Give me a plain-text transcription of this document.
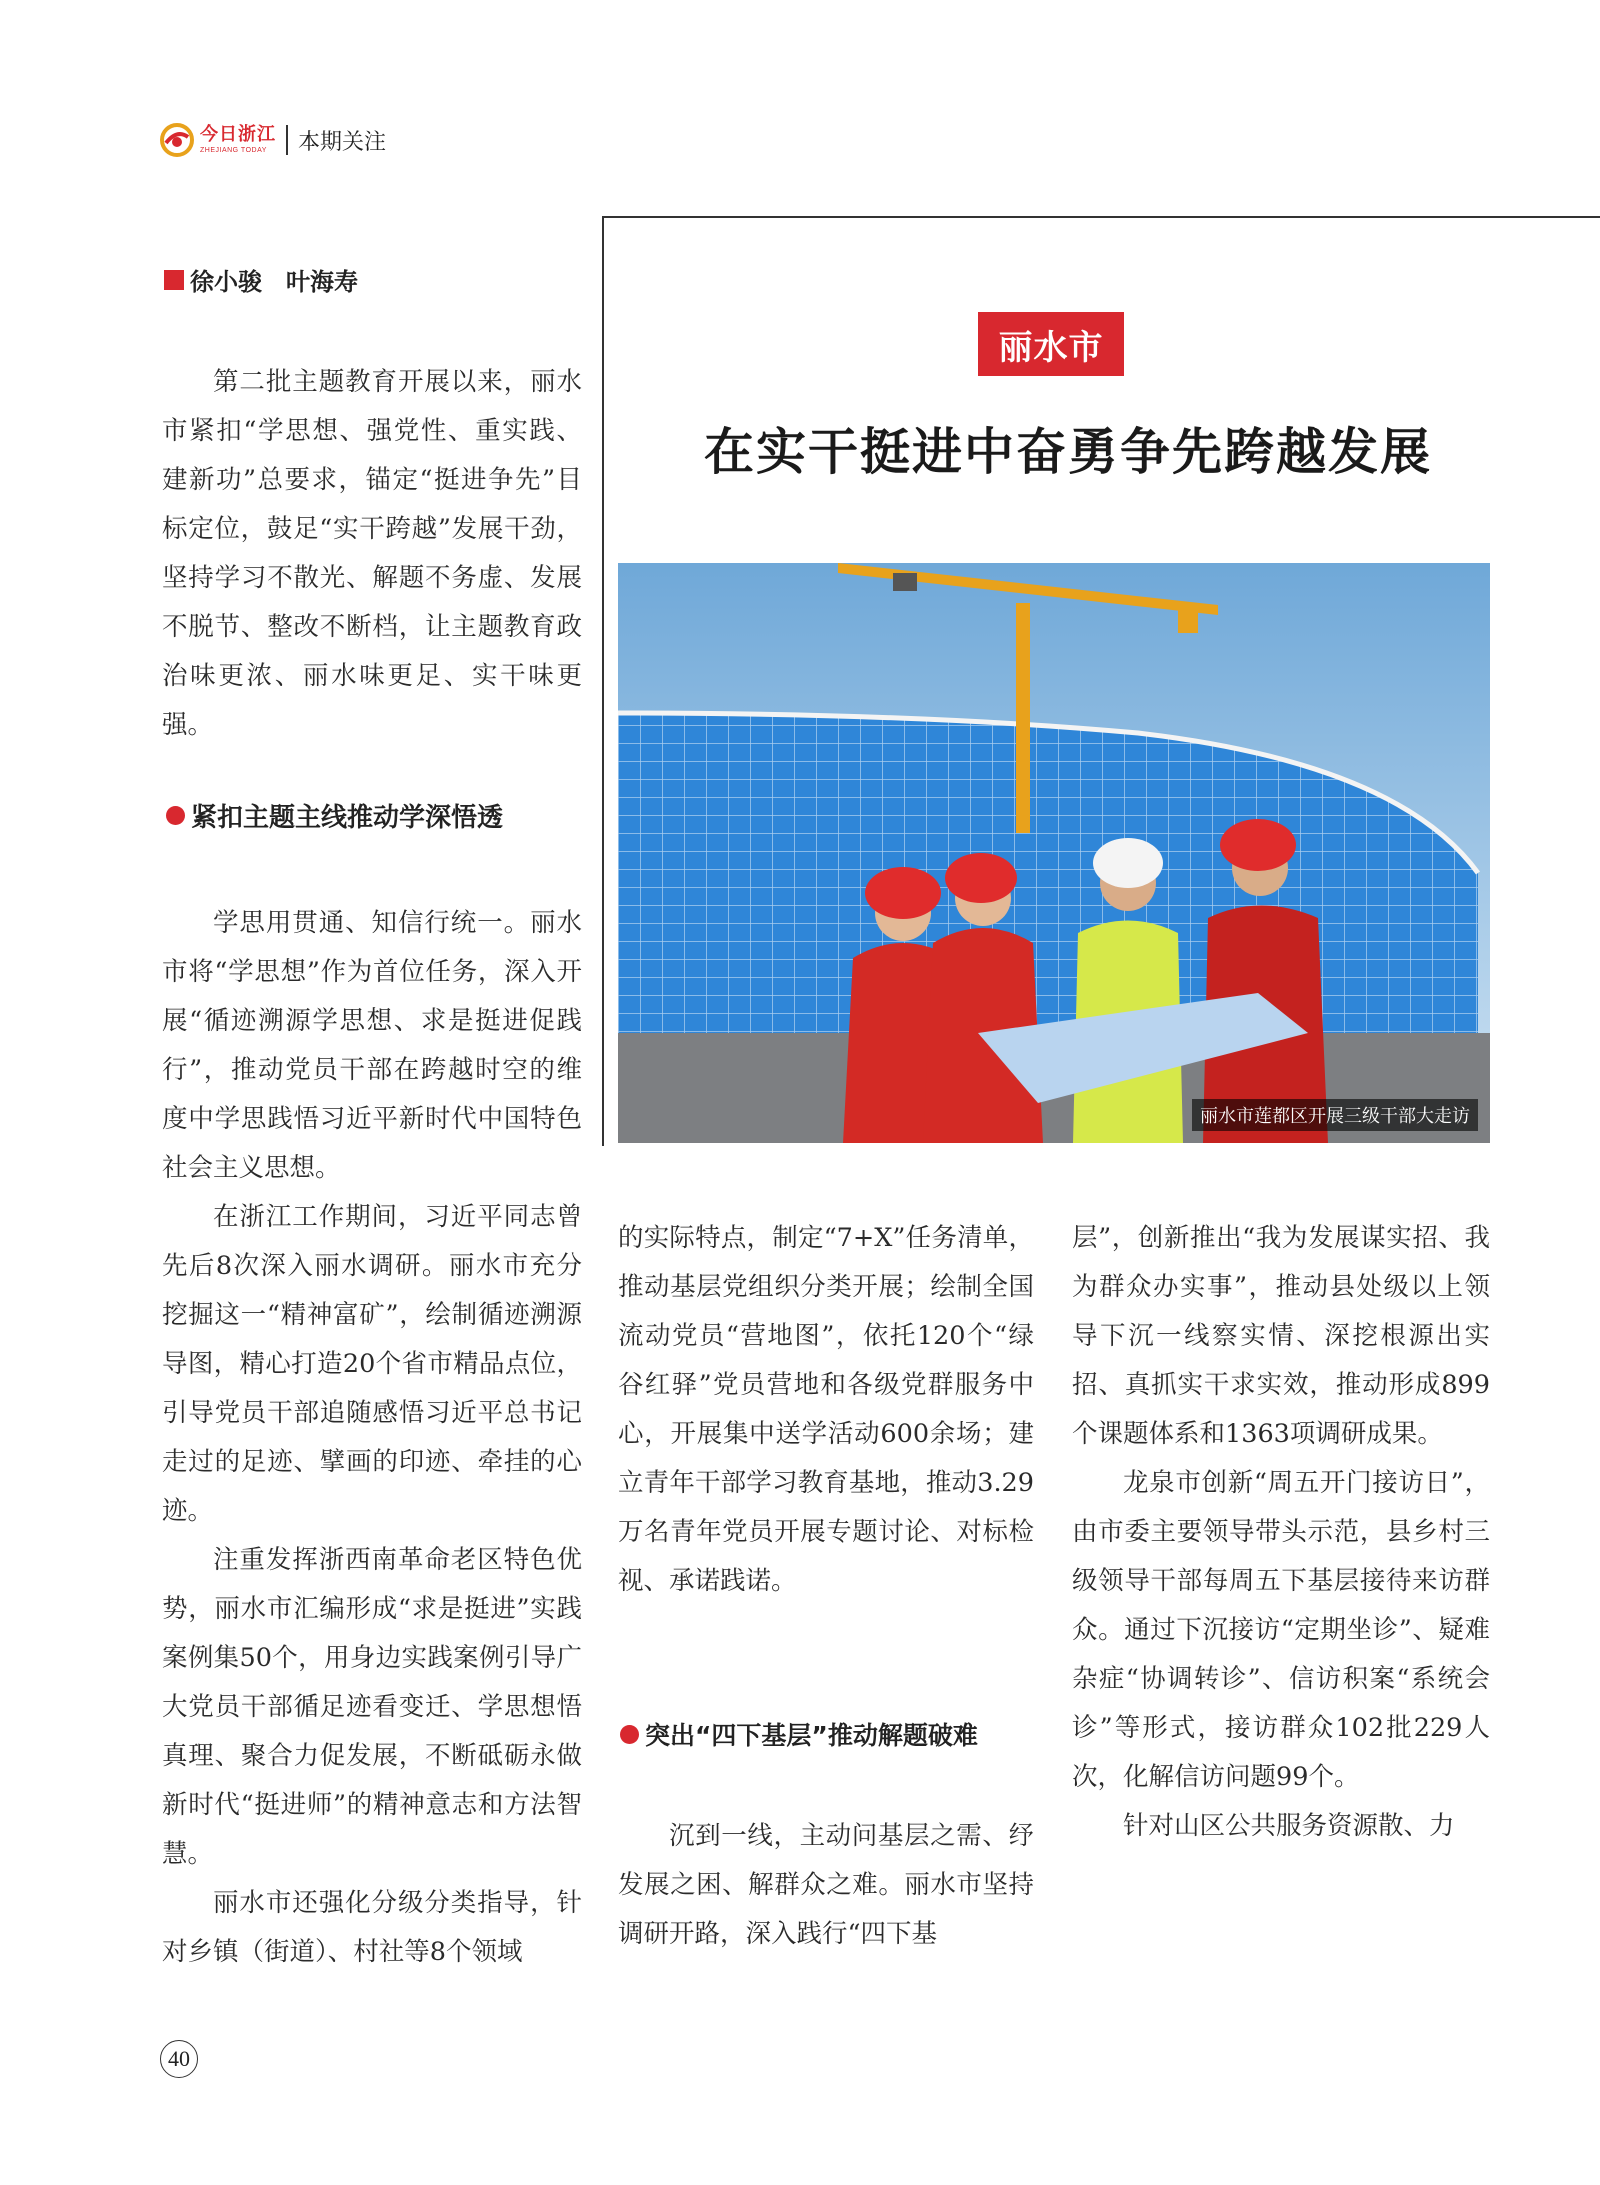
今日浙江
ZHEJIANG TODAY	本期关注
徐小骏　叶海寿

第二批主题教育开展以来，丽水市紧扣“学思想、强党性、重实践、建新功”总要求，锚定“挺进争先”目标定位，鼓足“实干跨越”发展干劲，坚持学习不散光、解题不务虚、发展不脱节、整改不断档，让主题教育政治味更浓、丽水味更足、实干味更强。

紧扣主题主线推动学深悟透

学思用贯通、知信行统一。丽水市将“学思想”作为首位任务，深入开展“循迹溯源学思想、求是挺进促践行”，推动党员干部在跨越时空的维度中学思践悟习近平新时代中国特色社会主义思想。

在浙江工作期间，习近平同志曾先后8次深入丽水调研。丽水市充分挖掘这一“精神富矿”，绘制循迹溯源导图，精心打造20个省市精品点位，引导党员干部追随感悟习近平总书记走过的足迹、擘画的印迹、牵挂的心迹。

注重发挥浙西南革命老区特色优势，丽水市汇编形成“求是挺进”实践案例集50个，用身边实践案例引导广大党员干部循足迹看变迁、学思想悟真理、聚合力促发展，不断砥砺永做新时代“挺进师”的精神意志和方法智慧。

丽水市还强化分级分类指导，针对乡镇（街道）、村社等8个领域

丽水市
在实干挺进中奋勇争先跨越发展
丽水市莲都区开展三级干部大走访

的实际特点，制定“7+X”任务清单，推动基层党组织分类开展；绘制全国流动党员“营地图”，依托120个“绿谷红驿”党员营地和各级党群服务中心，开展集中送学活动600余场；建立青年干部学习教育基地，推动3.29万名青年党员开展专题讨论、对标检视、承诺践诺。

突出“四下基层”推动解题破难

沉到一线，主动问基层之需、纾发展之困、解群众之难。丽水市坚持调研开路，深入践行“四下基

层”，创新推出“我为发展谋实招、我为群众办实事”，推动县处级以上领导下沉一线察实情、深挖根源出实招、真抓实干求实效，推动形成899个课题体系和1363项调研成果。

龙泉市创新“周五开门接访日”，由市委主要领导带头示范，县乡村三级领导干部每周五下基层接待来访群众。通过下沉接访“定期坐诊”、疑难杂症“协调转诊”、信访积案“系统会诊”等形式，接访群众102批229人次，化解信访问题99个。

针对山区公共服务资源散、力

40
